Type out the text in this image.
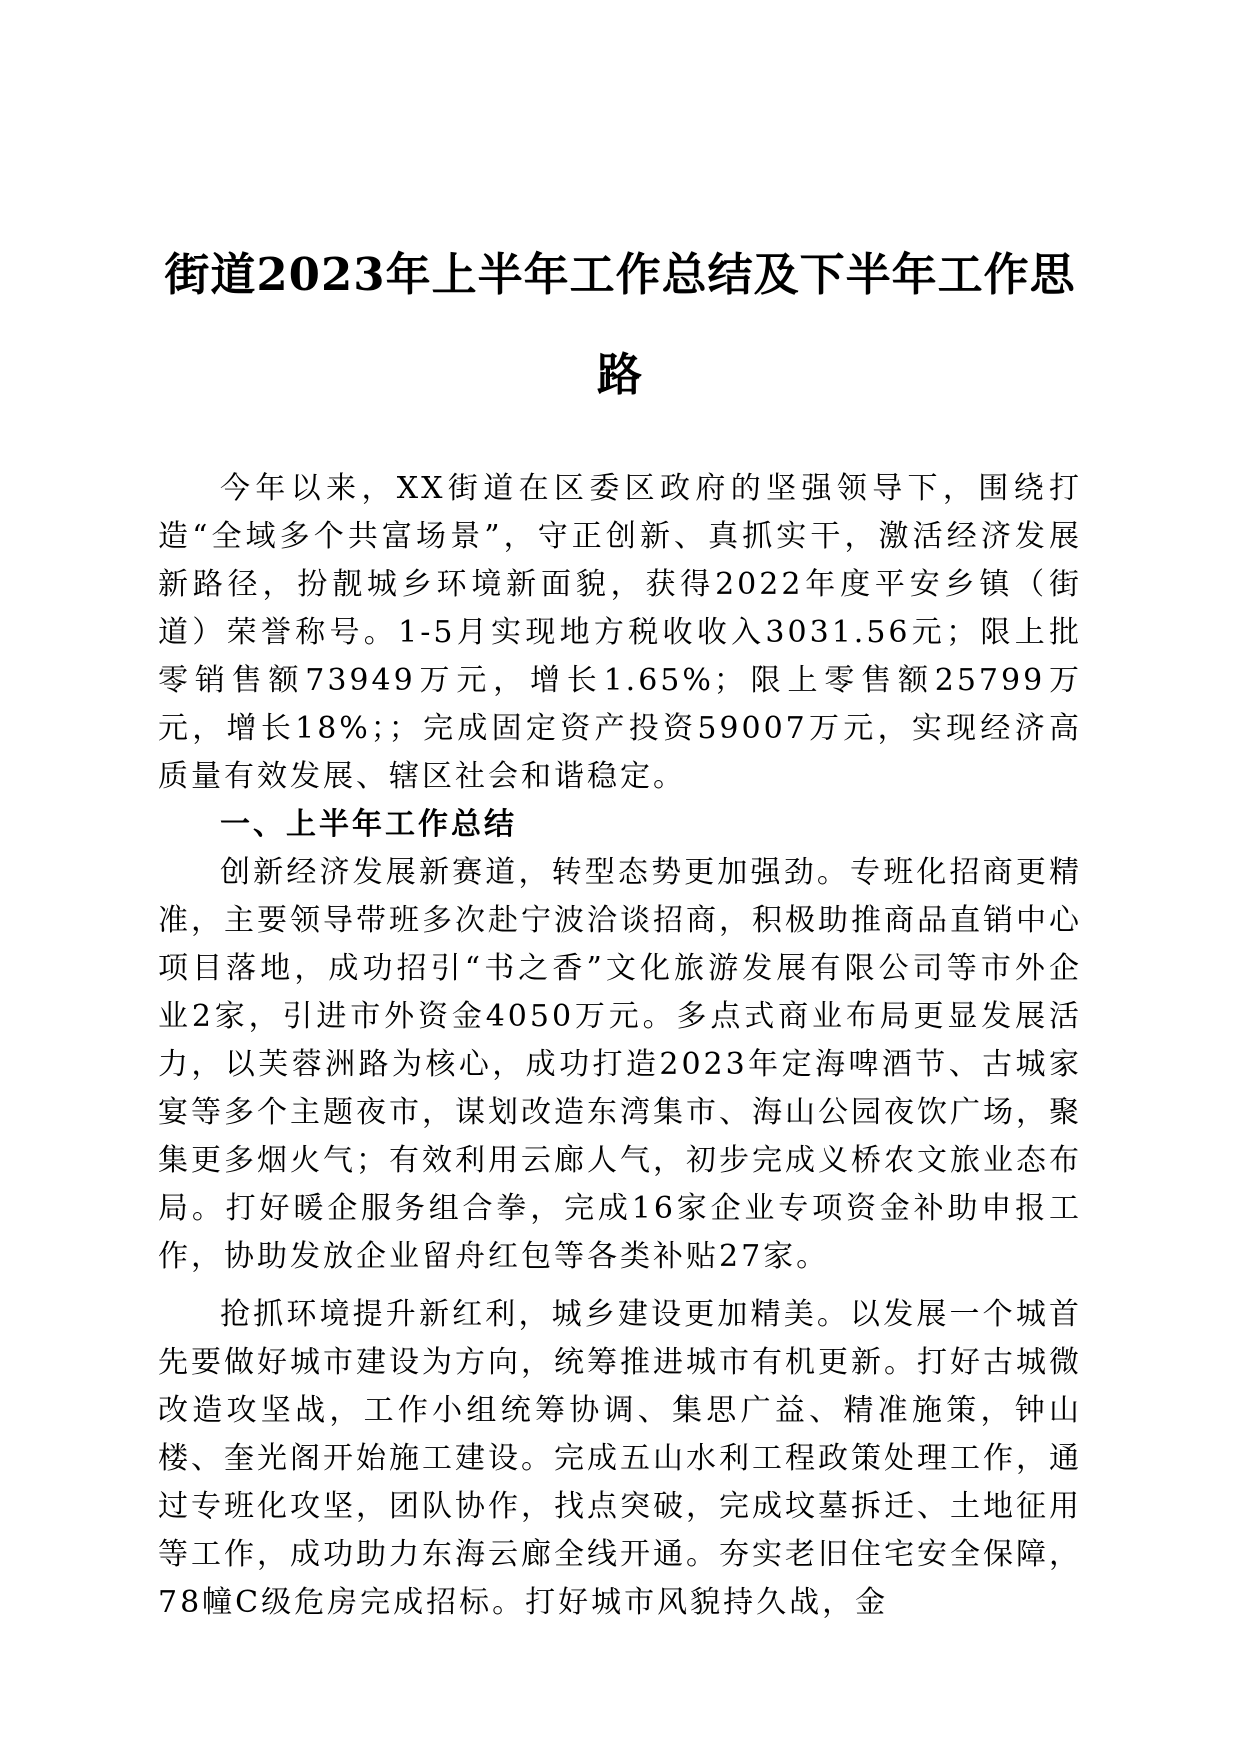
街道2023年上半年工作总结及下半年工作思路

今年以来，XX街道在区委区政府的坚强领导下，围绕打造“全域多个共富场景”，守正创新、真抓实干，激活经济发展新路径，扮靓城乡环境新面貌，获得2022年度平安乡镇（街道）荣誉称号。1-5月实现地方税收收入3031.56元；限上批零销售额73949万元，增长1.65%；限上零售额25799万元，增长18%；；完成固定资产投资59007万元，实现经济高质量有效发展、辖区社会和谐稳定。

一、上半年工作总结

创新经济发展新赛道，转型态势更加强劲。专班化招商更精准，主要领导带班多次赴宁波洽谈招商，积极助推商品直销中心项目落地，成功招引“书之香”文化旅游发展有限公司等市外企业2家，引进市外资金4050万元。多点式商业布局更显发展活力，以芙蓉洲路为核心，成功打造2023年定海啤酒节、古城家宴等多个主题夜市，谋划改造东湾集市、海山公园夜饮广场，聚集更多烟火气；有效利用云廊人气，初步完成义桥农文旅业态布局。打好暖企服务组合拳，完成16家企业专项资金补助申报工作，协助发放企业留舟红包等各类补贴27家。

抢抓环境提升新红利，城乡建设更加精美。以发展一个城首先要做好城市建设为方向，统筹推进城市有机更新。打好古城微改造攻坚战，工作小组统筹协调、集思广益、精准施策，钟山楼、奎光阁开始施工建设。完成五山水利工程政策处理工作，通过专班化攻坚，团队协作，找点突破，完成坟墓拆迁、土地征用等工作，成功助力东海云廊全线开通。夯实老旧住宅安全保障，78幢C级危房完成招标。打好城市风貌持久战，金
